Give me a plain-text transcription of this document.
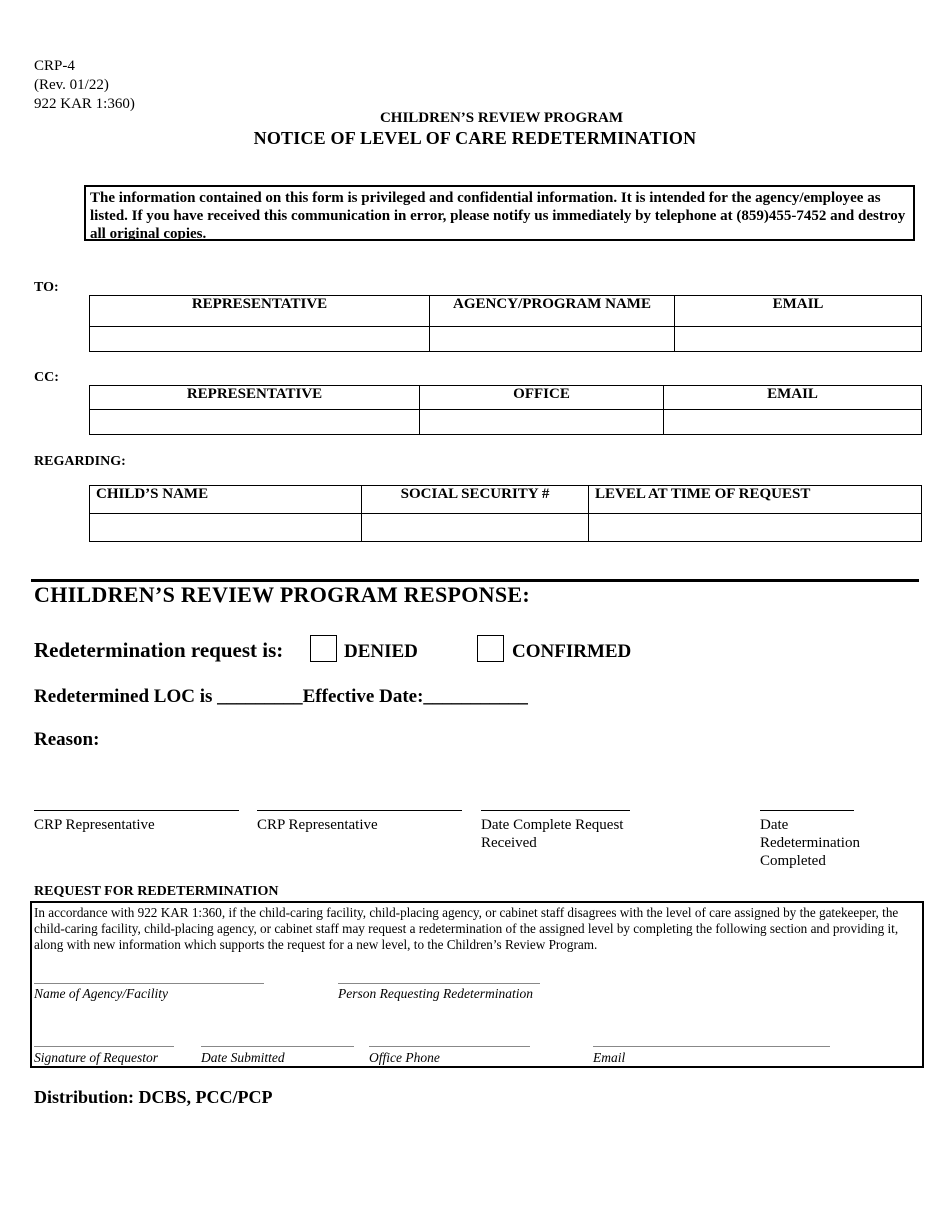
CRP-4
(Rev. 01/22)
922 KAR 1:360)
CHILDREN’S REVIEW PROGRAM
NOTICE OF LEVEL OF CARE REDETERMINATION
The information contained on this form is privileged and confidential information. It is intended for the agency/employee as listed. If you have received this communication in error, please notify us immediately by telephone at (859)455-7452 and destroy all original copies.
TO:
REPRESENTATIVE	AGENCY/PROGRAM NAME	EMAIL

CC:
REPRESENTATIVE	OFFICE	EMAIL

REGARDING:
CHILD’S NAME	SOCIAL SECURITY #	LEVEL AT TIME OF REQUEST

CHILDREN’S REVIEW PROGRAM RESPONSE:
Redetermination request is:	DENIED	CONFIRMED
Redetermined LOC is _________Effective Date:___________
Reason:
CRP Representative	CRP Representative	Date Complete Request
Received
Date
Redetermination
Completed
REQUEST FOR REDETERMINATION
In accordance with 922 KAR 1:360, if the child-caring facility, child-placing agency, or cabinet staff disagrees with the level of care assigned by the gatekeeper, the child-caring facility, child-placing agency, or cabinet staff may request a redetermination of the assigned level by completing the following section and providing it, along with new information which supports the request for a new level, to the Children’s Review Program.
Name of Agency/Facility	Person Requesting Redetermination
Signature of Requestor	Date Submitted	Office Phone	Email
Distribution: DCBS, PCC/PCP
